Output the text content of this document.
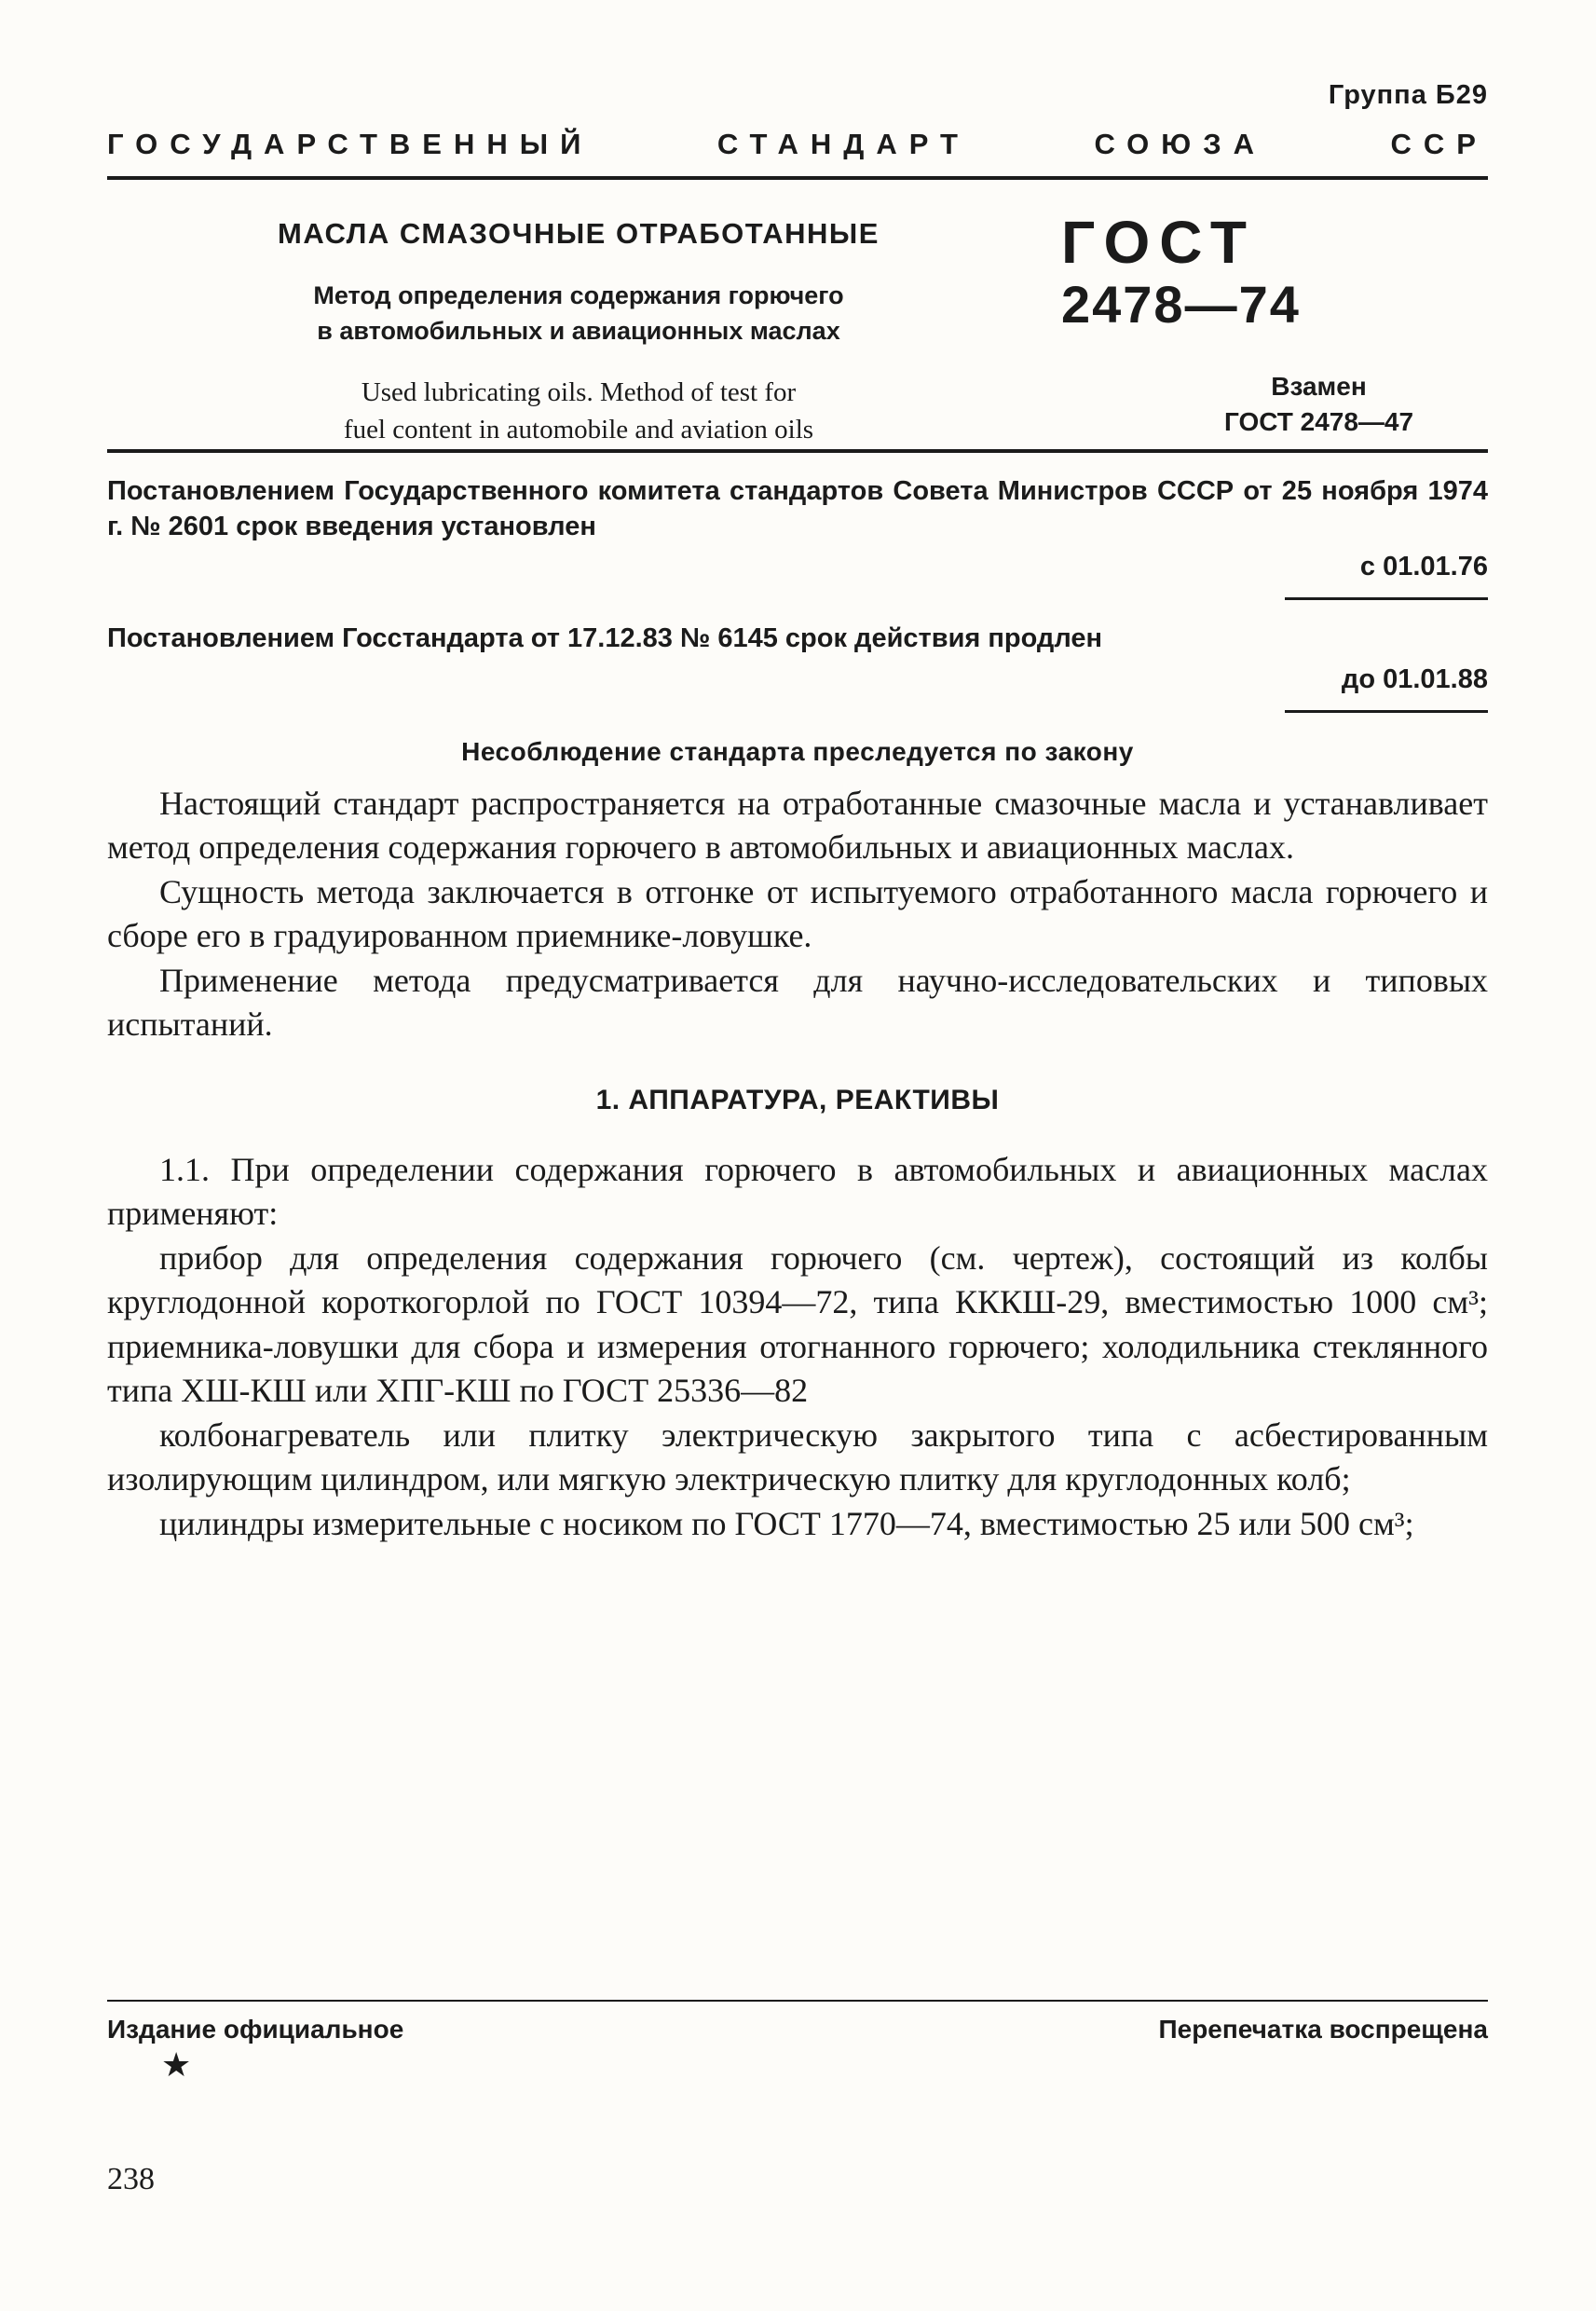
Группа Б29
ГОСУДАРСТВЕННЫЙ СТАНДАРТ СОЮЗА ССР
МАСЛА СМАЗОЧНЫЕ ОТРАБОТАННЫЕ
Метод определения содержания горючего
в автомобильных и авиационных маслах
Used lubricating oils. Method of test for
fuel content in automobile and aviation oils
ГОСТ
2478—74
Взамен
ГОСТ 2478—47
Постановлением Государственного комитета стандартов Совета Министров СССР от 25 ноября 1974 г. № 2601 срок введения установлен
с 01.01.76
Постановлением Госстандарта от 17.12.83 № 6145 срок действия продлен
до 01.01.88
Несоблюдение стандарта преследуется по закону

Настоящий стандарт распространяется на отработанные смазочные масла и устанавливает метод определения содержания горючего в автомобильных и авиационных маслах.

Сущность метода заключается в отгонке от испытуемого отработанного масла горючего и сборе его в градуированном приемнике-ловушке.

Применение метода предусматривается для научно-исследовательских и типовых испытаний.

1. АППАРАТУРА, РЕАКТИВЫ

1.1. При определении содержания горючего в автомобильных и авиационных маслах применяют:

прибор для определения содержания горючего (см. чертеж), состоящий из колбы круглодонной короткогорлой по ГОСТ 10394—72, типа КККШ-29, вместимостью 1000 см³; приемника-ловушки для сбора и измерения отогнанного горючего; холодильника стеклянного типа ХШ-КШ или ХПГ-КШ по ГОСТ 25336—82

колбонагреватель или плитку электрическую закрытого типа с асбестированным изолирующим цилиндром, или мягкую электрическую плитку для круглодонных колб;

цилиндры измерительные с носиком по ГОСТ 1770—74, вместимостью 25 или 500 см³;

Издание официальное	Перепечатка воспрещена
★
238
